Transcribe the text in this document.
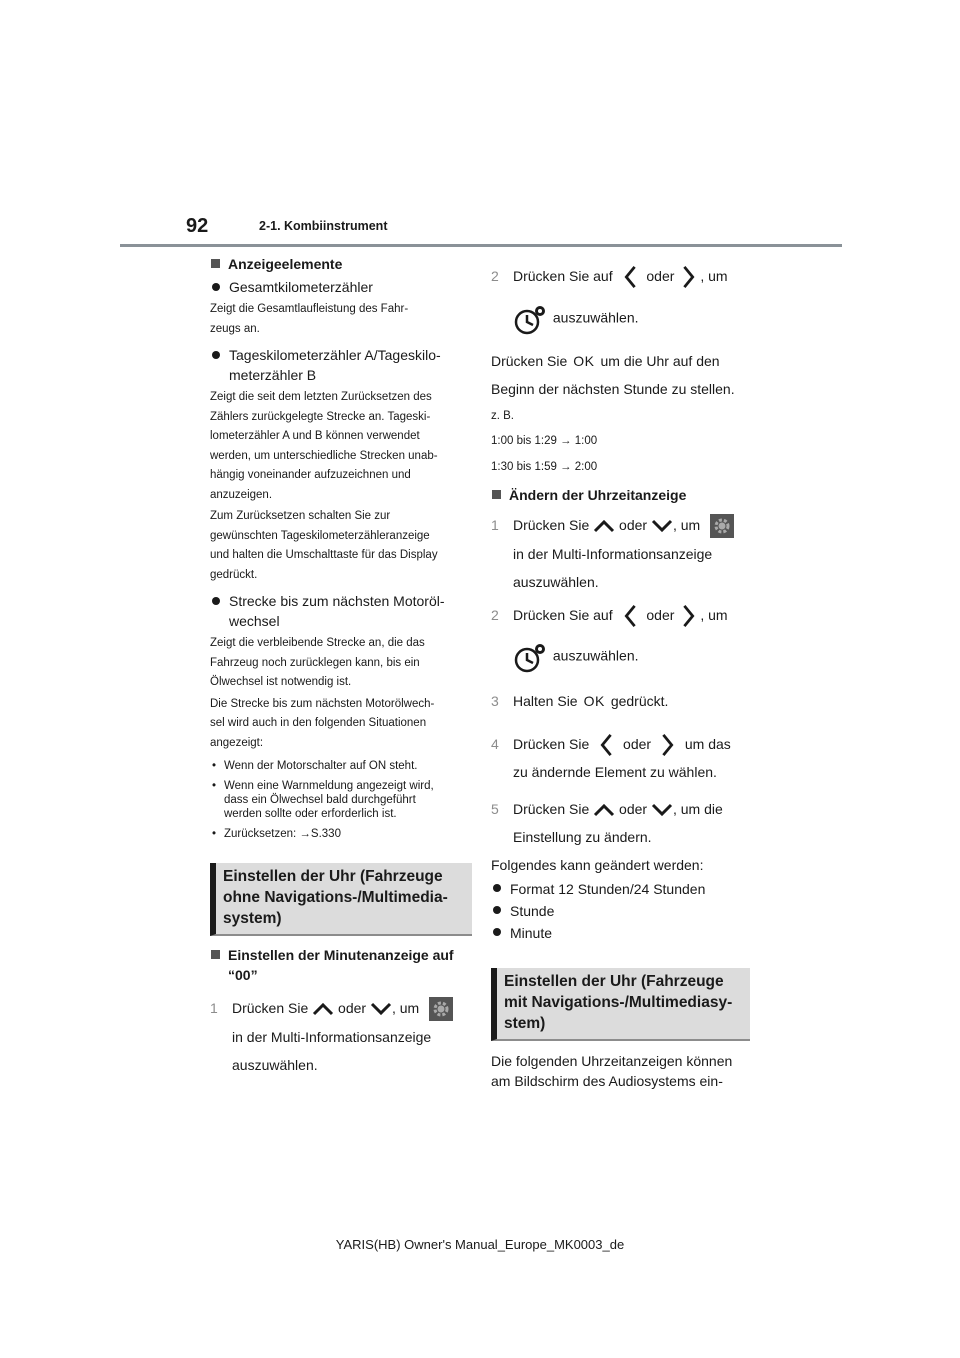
92	2-1. Kombiinstrument
Anzeigeelemente
Gesamtkilometerzähler

Zeigt die Gesamtlaufleistung des Fahr-

zeugs an.

Tageskilometerzähler A/Tageskilo-
meterzähler B

Zeigt die seit dem letzten Zurücksetzen des

Zählers zurückgelegte Strecke an. Tageski-

lometerzähler A und B können verwendet

werden, um unterschiedliche Strecken unab-

hängig voneinander aufzuzeichnen und

anzuzeigen.

Zum Zurücksetzen schalten Sie zur

gewünschten Tageskilometerzähleranzeige

und halten die Umschalttaste für das Display

gedrückt.

Strecke bis zum nächsten Motoröl-
wechsel

Zeigt die verbleibende Strecke an, die das

Fahrzeug noch zurücklegen kann, bis ein

Ölwechsel ist notwendig ist.

Die Strecke bis zum nächsten Motorölwech-

sel wird auch in den folgenden Situationen

angezeigt:

• Wenn der Motorschalter auf ON steht.
• Wenn eine Warnmeldung angezeigt wird,
dass ein Ölwechsel bald durchgeführt
werden sollte oder erforderlich ist.
• Zurücksetzen: →S.330
Einstellen der Uhr (Fahrzeuge
ohne Navigations-/Multimedia-
system)
Einstellen der Minutenanzeige auf
“00”
1 Drücken Sie oder , um
in der Multi-Informationsanzeige
auszuwählen.
2 Drücken Sie auf oder , um
auszuwählen.
Drücken Sie OK um die Uhr auf den
Beginn der nächsten Stunde zu stellen.

z. B.

1:00 bis 1:29 → 1:00

1:30 bis 1:59 → 2:00

Ändern der Uhrzeitanzeige
1 Drücken Sie oder , um
in der Multi-Informationsanzeige
auszuwählen.
2 Drücken Sie auf oder , um
auszuwählen.
3 Halten Sie OK gedrückt.
4 Drücken Sie oder um das
zu ändernde Element zu wählen.
5 Drücken Sie oder , um die
Einstellung zu ändern.
Folgendes kann geändert werden:
Format 12 Stunden/24 Stunden
Stunde
Minute
Einstellen der Uhr (Fahrzeuge
mit Navigations-/Multimediasy-
stem)
Die folgenden Uhrzeitanzeigen können
am Bildschirm des Audiosystems ein-
YARIS(HB) Owner's Manual_Europe_MK0003_de
